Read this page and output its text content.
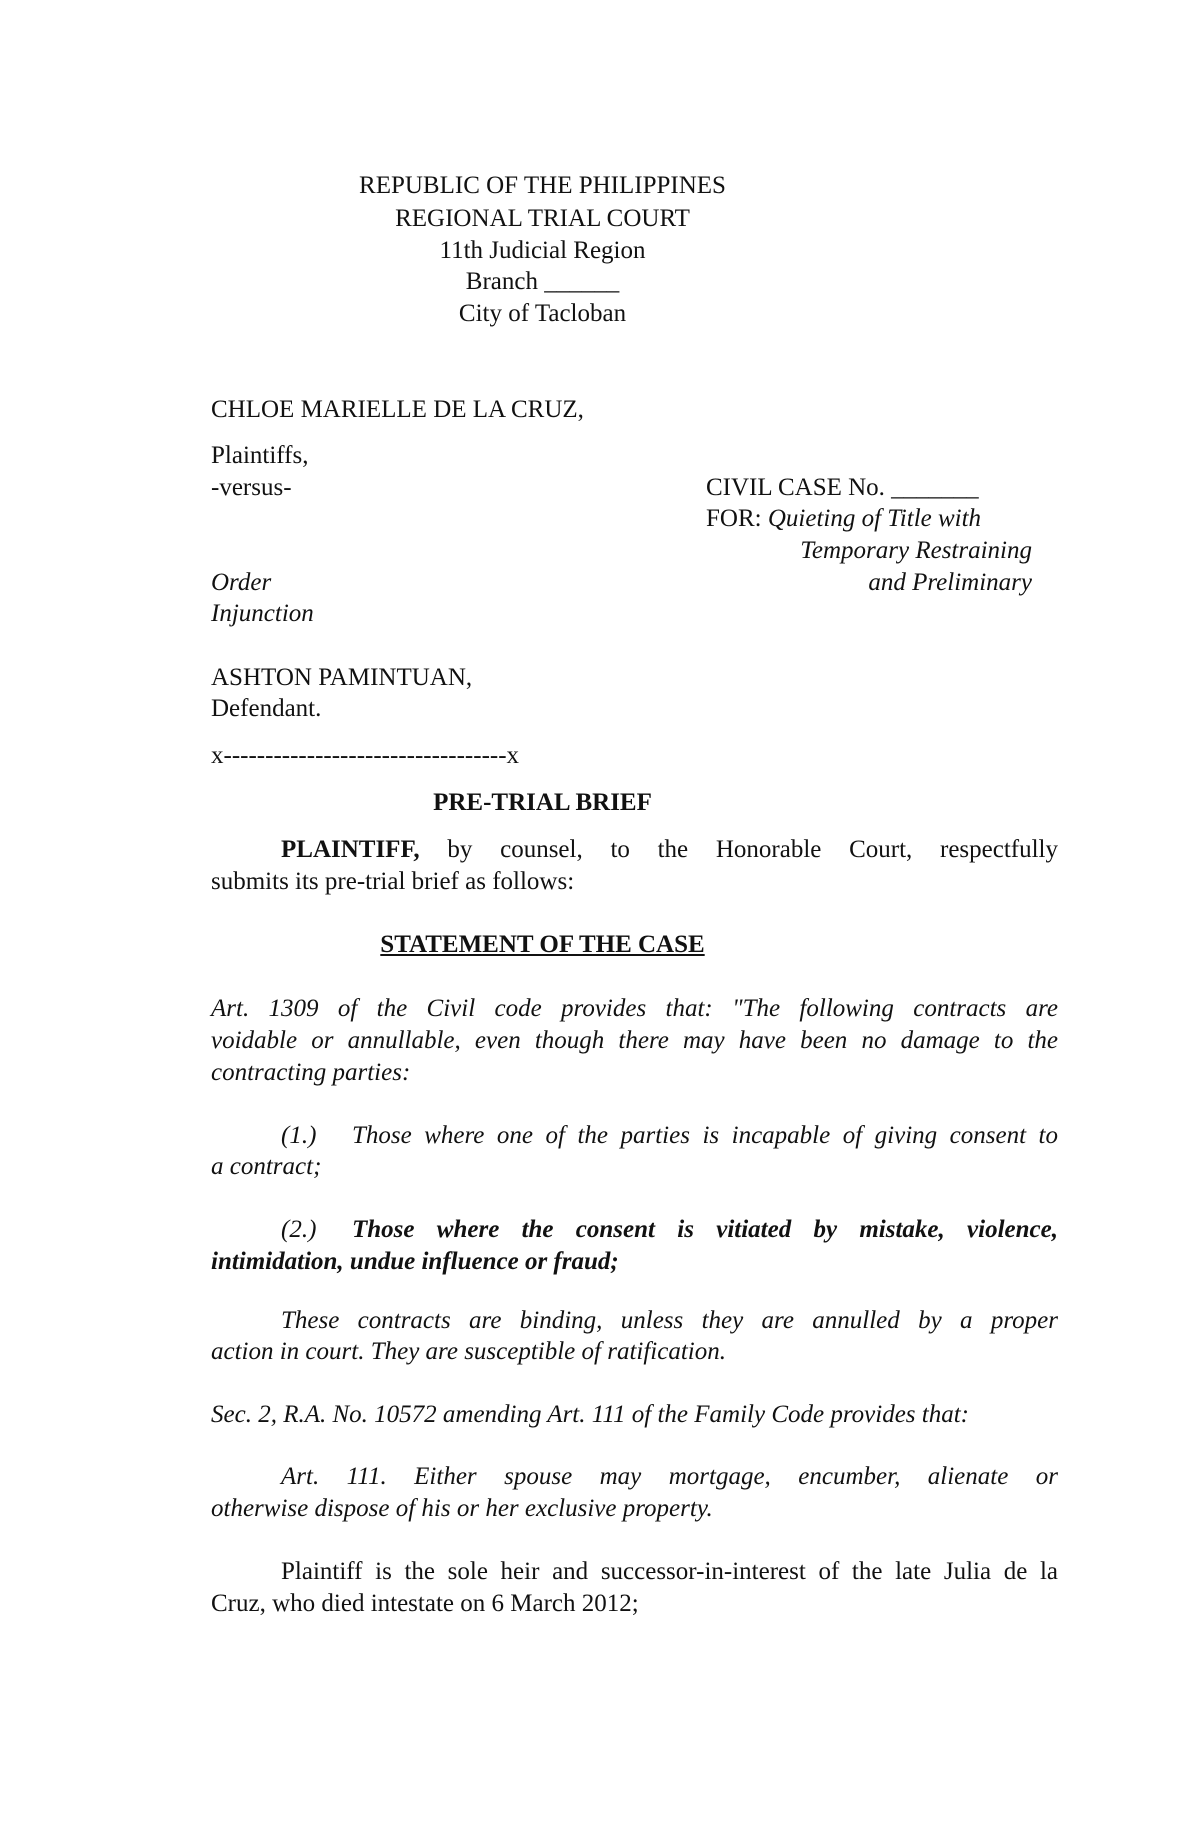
REPUBLIC OF THE PHILIPPINES
REGIONAL TRIAL COURT
11th Judicial Region
Branch ______
City of Tacloban
CHLOE MARIELLE DE LA CRUZ,
Plaintiffs,
-versus-	CIVIL CASE No. _______
FOR: Quieting of Title with
Temporary Restraining
and Preliminary
Order
Injunction
ASHTON PAMINTUAN,
Defendant.
x----------------------------------x
PRE-TRIAL BRIEF
PLAINTIFF, by counsel, to the Honorable Court, respectfully
submits its pre-trial brief as follows:
STATEMENT OF THE CASE
Art. 1309 of the Civil code provides that: "The following contracts are
voidable or annullable, even though there may have been no damage to the
contracting parties:
(1.) Those where one of the parties is incapable of giving consent to
a contract;
(2.) Those where the consent is vitiated by mistake, violence,
intimidation, undue influence or fraud;
These contracts are binding, unless they are annulled by a proper
action in court. They are susceptible of ratification.
Sec. 2, R.A. No. 10572 amending Art. 111 of the Family Code provides that:
Art. 111. Either spouse may mortgage, encumber, alienate or
otherwise dispose of his or her exclusive property.
Plaintiff is the sole heir and successor-in-interest of the late Julia de la
Cruz, who died intestate on 6 March 2012;
